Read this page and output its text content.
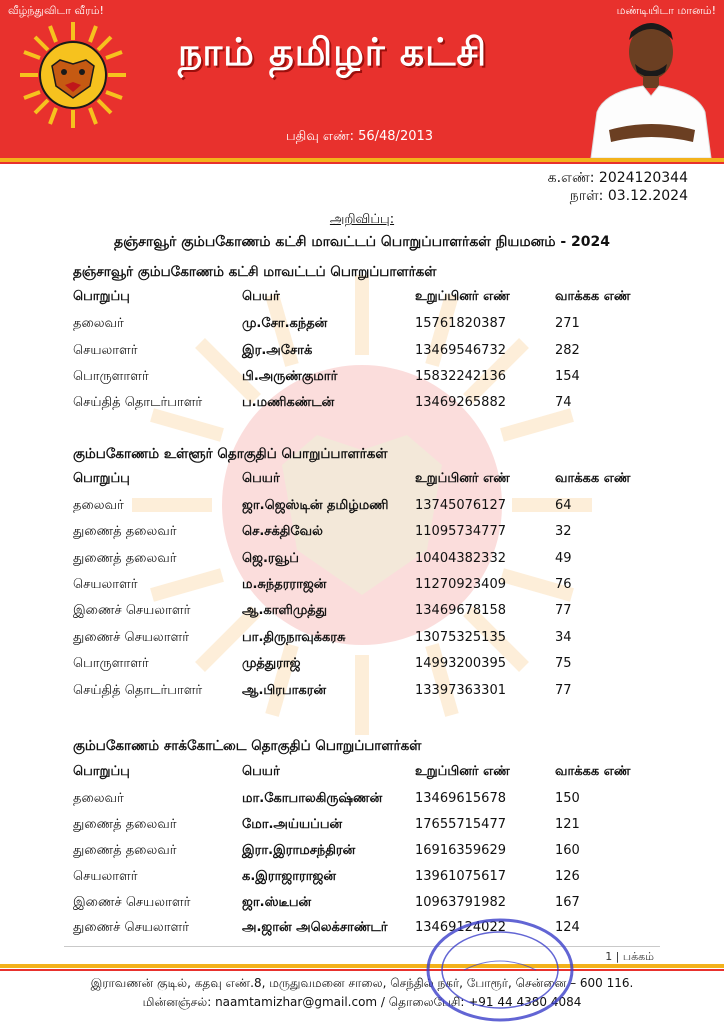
வீழ்ந்துவிடா வீரம்!	மண்டியிடா மானம்!
நாம் தமிழர் கட்சி
பதிவு எண்: 56/48/2013
க.எண்: 2024120344
நாள்: 03.12.2024
அறிவிப்பு:
தஞ்சாவூர் கும்பகோணம் கட்சி மாவட்டப் பொறுப்பாளர்கள் நியமனம் - 2024
தஞ்சாவூர் கும்பகோணம் கட்சி மாவட்டப் பொறுப்பாளர்கள்
பொறுப்பு	பெயர்	உறுப்பினர் எண்	வாக்கக எண்
தலைவர்	மு.சோ.கந்தன்	15761820387	271
செயலாளர்	இர.அசோக்	13469546732	282
பொருளாளர்	பி.அருண்குமார்	15832242136	154
செய்தித் தொடர்பாளர்	ப.மணிகண்டன்	13469265882	74
கும்பகோணம் உள்ளூர் தொகுதிப் பொறுப்பாளர்கள்
பொறுப்பு	பெயர்	உறுப்பினர் எண்	வாக்கக எண்
தலைவர்	ஜா.ஜெஸ்டின் தமிழ்மணி 13745076127	64
துணைத் தலைவர்	செ.சக்திவேல்	11095734777	32
துணைத் தலைவர்	ஜெ.ரவூப்	10404382332	49
செயலாளர்	ம.சுந்தரராஜன்	11270923409	76
இணைச் செயலாளர்	ஆ.காளிமுத்து	13469678158	77
துணைச் செயலாளர்	பா.திருநாவுக்கரசு	13075325135	34
பொருளாளர்	முத்துராஜ்	14993200395	75
செய்தித் தொடர்பாளர்	ஆ.பிரபாகரன்	13397363301	77
கும்பகோணம் சாக்கோட்டை தொகுதிப் பொறுப்பாளர்கள்
பொறுப்பு	பெயர்	உறுப்பினர் எண்	வாக்கக எண்
தலைவர்	மா.கோபாலகிருஷ்ணன்	13469615678	150
துணைத் தலைவர்	மோ.அய்யப்பன்	17655715477	121
துணைத் தலைவர்	இரா.இராமசந்திரன்	16916359629	160
செயலாளர்	க.இராஜாராஜன்	13961075617	126
இணைச் செயலாளர்	ஜா.ஸ்டீபன்	10963791982	167
துணைச் செயலாளர்	அ.ஜான் அலெக்சாண்டர் 13469124022	124
1 | பக்கம்
இராவணன் குடில், கதவு எண்.8, மருதுவமனை சாலை, செந்தில் நகர், போரூர், சென்னை – 600 116.
மின்னஞ்சல்: naamtamizhar@gmail.com / தொலைபேசி: +91 44 4380 4084
